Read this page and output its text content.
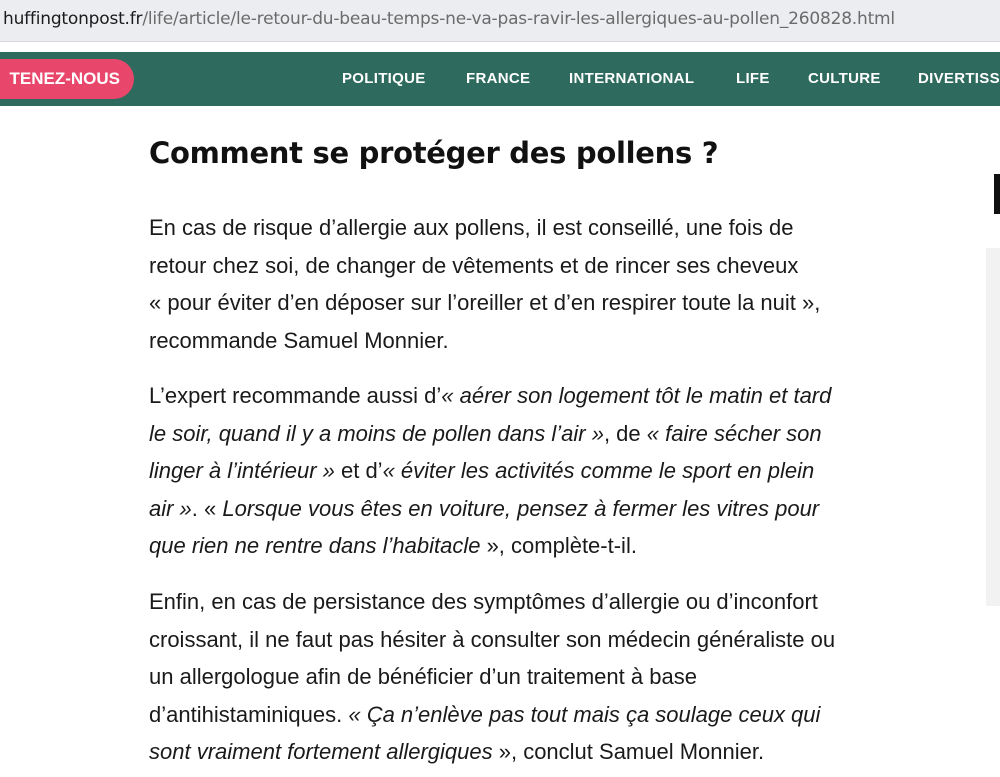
huffingtonpost.fr/life/article/le-retour-du-beau-temps-ne-va-pas-ravir-les-allergiques-au-pollen_260828.html
TENEZ-NOUS	POLITIQUE	FRANCE	INTERNATIONAL	LIFE	CULTURE DIVERTISS
Comment se protéger des pollens ?

En cas de risque d’allergie aux pollens, il est conseillé, une fois de
retour chez soi, de changer de vêtements et de rincer ses cheveux
« pour éviter d’en déposer sur l’oreiller et d’en respirer toute la nuit »,
recommande Samuel Monnier.

L’expert recommande aussi d’« aérer son logement tôt le matin et tard
le soir, quand il y a moins de pollen dans l’air », de « faire sécher son
linger à l’intérieur » et d’« éviter les activités comme le sport en plein
air ». « Lorsque vous êtes en voiture, pensez à fermer les vitres pour
que rien ne rentre dans l’habitacle », complète-t-il.

Enfin, en cas de persistance des symptômes d’allergie ou d’inconfort
croissant, il ne faut pas hésiter à consulter son médecin généraliste ou
un allergologue afin de bénéficier d’un traitement à base
d’antihistaminiques. « Ça n’enlève pas tout mais ça soulage ceux qui
sont vraiment fortement allergiques », conclut Samuel Monnier.
